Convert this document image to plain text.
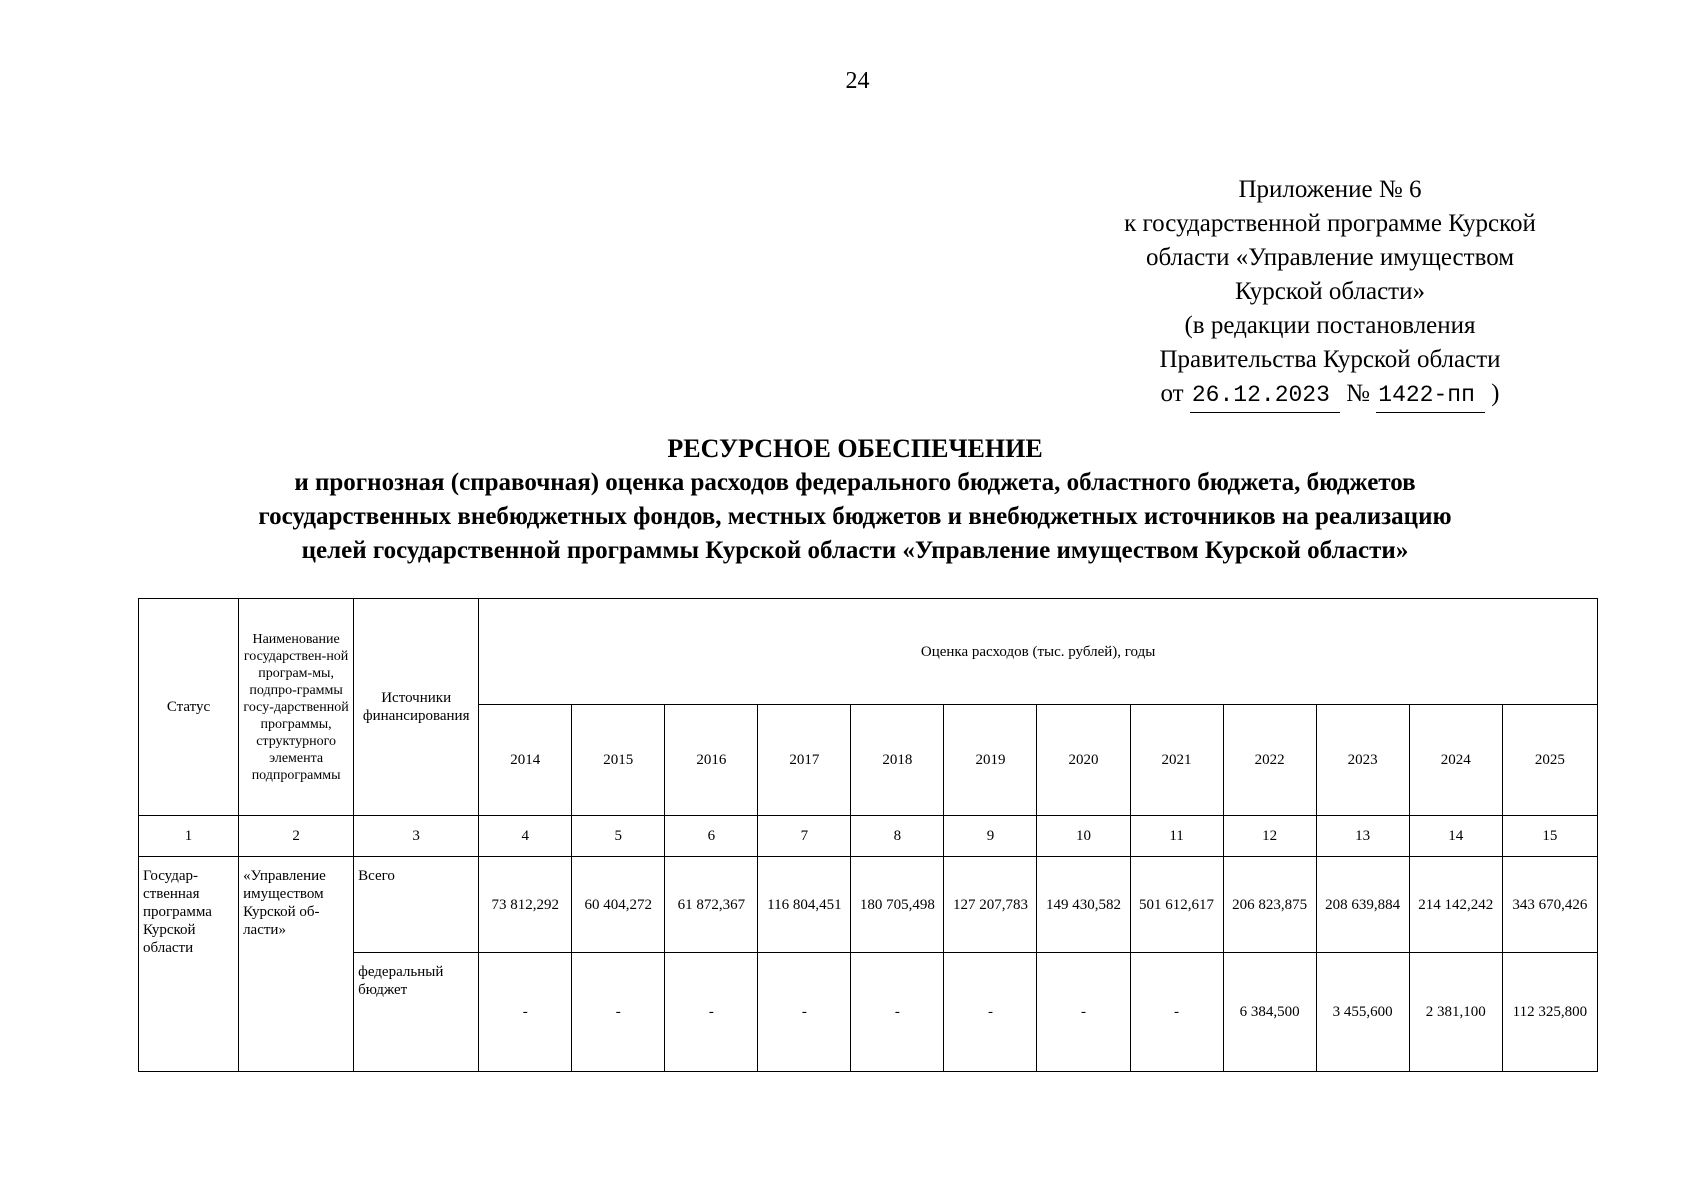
24
Приложение № 6
к государственной программе Курской
области «Управление имуществом
Курской области»
(в редакции постановления
Правительства Курской области
от 26.12.2023 № 1422-пп )
РЕСУРСНОЕ ОБЕСПЕЧЕНИЕ
и прогнозная (справочная) оценка расходов федерального бюджета, областного бюджета, бюджетов
государственных внебюджетных фондов, местных бюджетов и внебюджетных источников на реализацию
целей государственной программы Курской области «Управление имуществом Курской области»
Статус	Наименование государствен-ной програм-мы, подпро-граммы госу-дарственной программы, структурного элемента подпрограммы	Источники финансирования	Оценка расходов (тыс. рублей), годы											
			2014	2015	2016	2017	2018	2019	2020	2021	2022	2023	2024	2025
1	2	3	4	5	6	7	8	9	10	11	12	13	14	15
Государ-ственная программа Курской области	«Управление имуществом Курской об-ласти»	Всего	73 812,292	60 404,272	61 872,367	116 804,451	180 705,498	127 207,783	149 430,582	501 612,617	206 823,875	208 639,884	214 142,242	343 670,426
		федеральный бюджет	-	-	-	-	-	-	-	-	6 384,500	3 455,600	2 381,100	112 325,800
